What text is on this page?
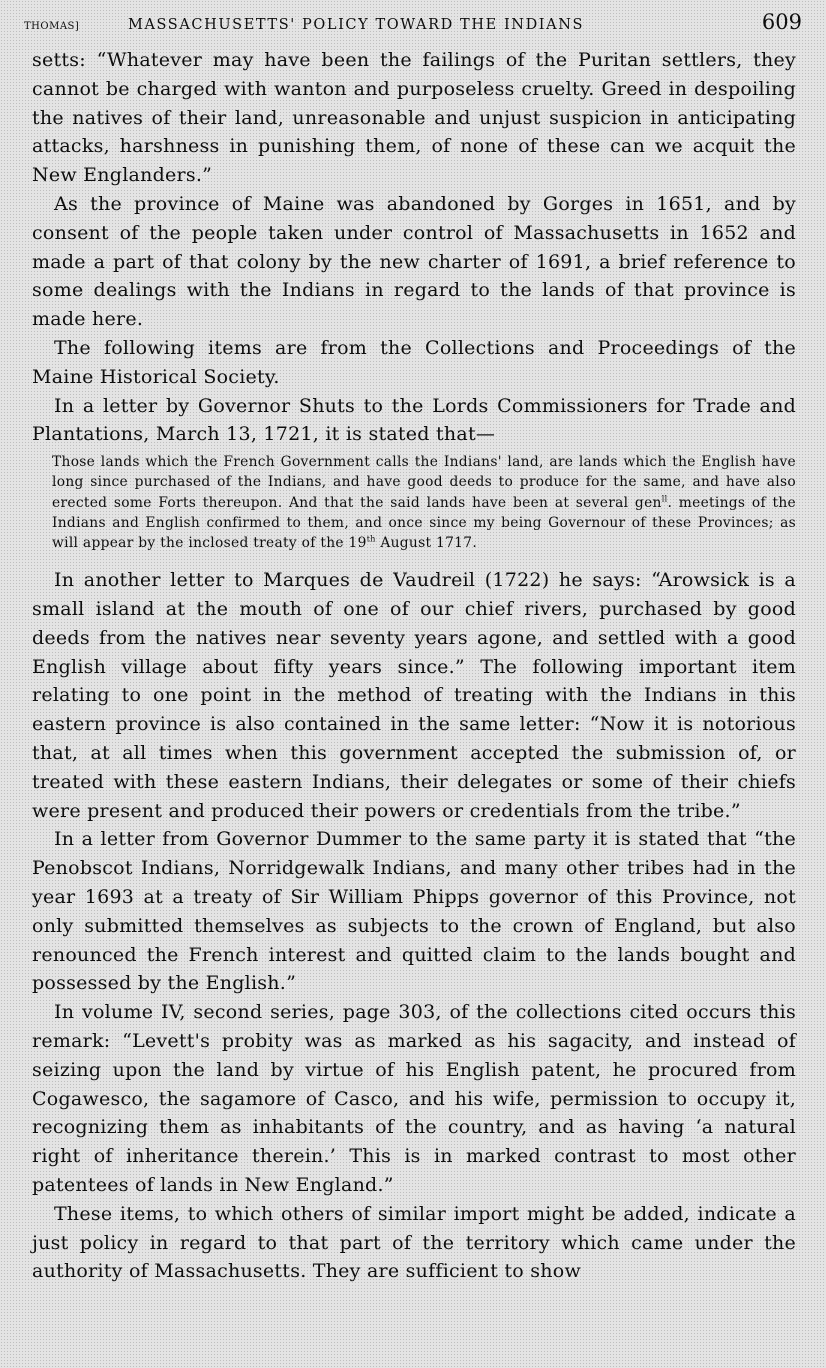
THOMAS]	MASSACHUSETTS' POLICY TOWARD THE INDIANS	609

setts: “Whatever may have been the failings of the Puritan settlers, they cannot be charged with wanton and purposeless cruelty. Greed in despoiling the natives of their land, unreasonable and unjust suspicion in anticipating attacks, harshness in punishing them, of none of these can we acquit the New Englanders.”

As the province of Maine was abandoned by Gorges in 1651, and by consent of the people taken under control of Massachusetts in 1652 and made a part of that colony by the new charter of 1691, a brief reference to some dealings with the Indians in regard to the lands of that province is made here.

The following items are from the Collections and Proceedings of the Maine Historical Society.

In a letter by Governor Shuts to the Lords Commissioners for Trade and Plantations, March 13, 1721, it is stated that—

Those lands which the French Government calls the Indians' land, are lands which the English have long since purchased of the Indians, and have good deeds to produce for the same, and have also erected some Forts thereupon. And that the said lands have been at several gen$^{ll}$. meetings of the Indians and English confirmed to them, and once since my being Governour of these Provinces; as will appear by the inclosed treaty of the 19th August 1717.

In another letter to Marques de Vaudreil (1722) he says: “Arowsick is a small island at the mouth of one of our chief rivers, purchased by good deeds from the natives near seventy years agone, and settled with a good English village about fifty years since.” The following important item relating to one point in the method of treating with the Indians in this eastern province is also contained in the same letter: “Now it is notorious that, at all times when this government accepted the submission of, or treated with these eastern Indians, their delegates or some of their chiefs were present and produced their powers or credentials from the tribe.”

In a letter from Governor Dummer to the same party it is stated that “the Penobscot Indians, Norridgewalk Indians, and many other tribes had in the year 1693 at a treaty of Sir William Phipps governor of this Province, not only submitted themselves as subjects to the crown of England, but also renounced the French interest and quitted claim to the lands bought and possessed by the English.”

In volume IV, second series, page 303, of the collections cited occurs this remark: “Levett's probity was as marked as his sagacity, and instead of seizing upon the land by virtue of his English patent, he procured from Cogawesco, the sagamore of Casco, and his wife, permission to occupy it, recognizing them as inhabitants of the country, and as having ‘a natural right of inheritance therein.’ This is in marked contrast to most other patentees of lands in New England.”

These items, to which others of similar import might be added, indicate a just policy in regard to that part of the territory which came under the authority of Massachusetts. They are sufficient to show
